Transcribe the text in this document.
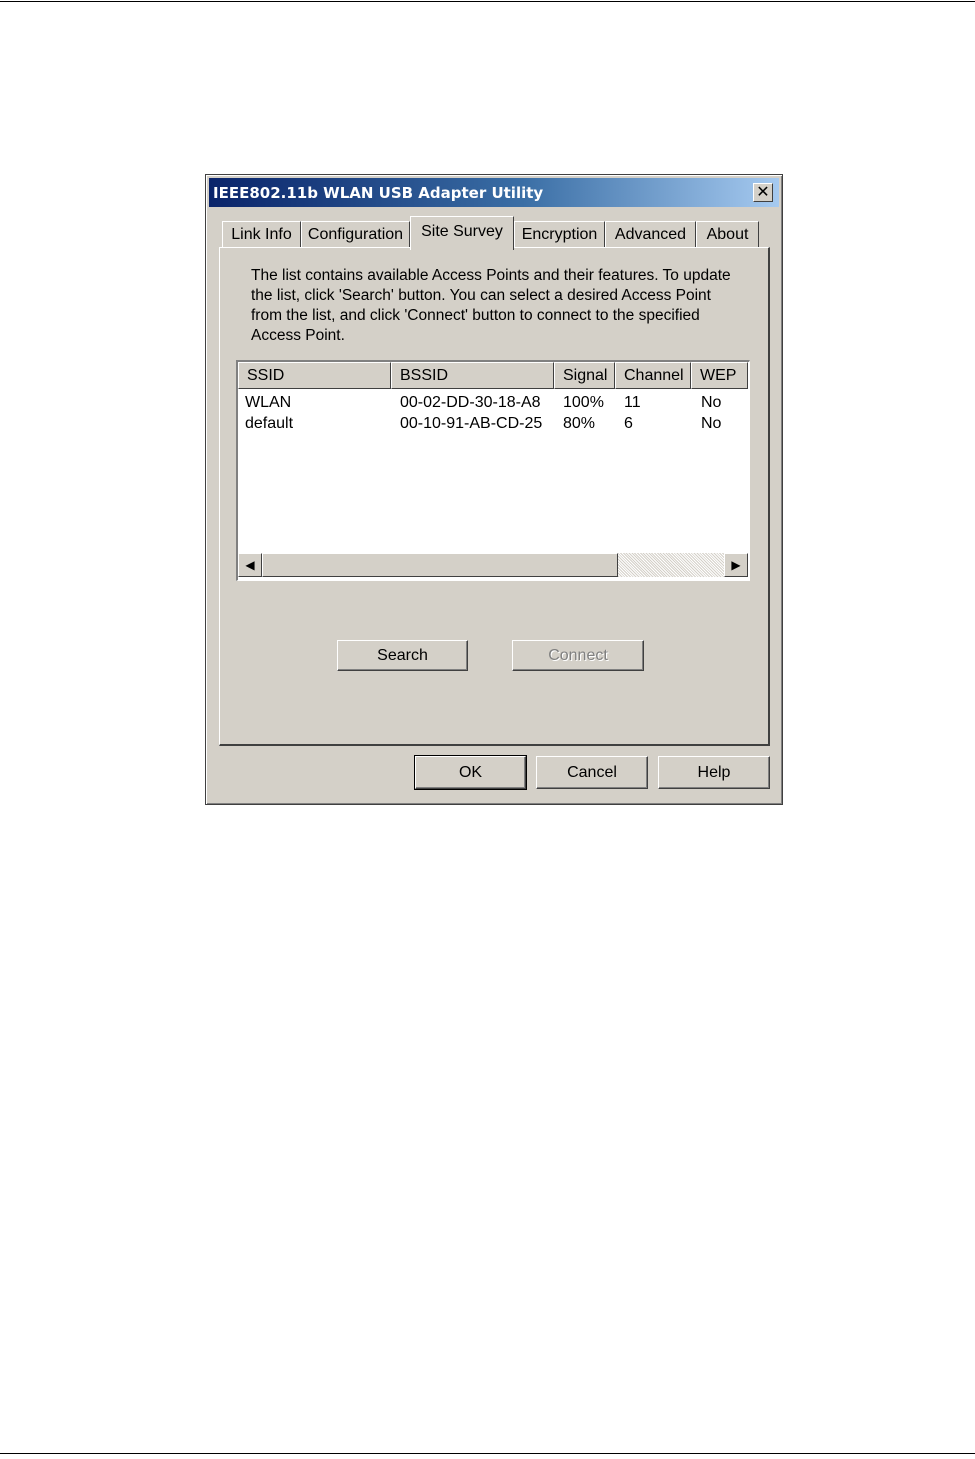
IEEE802.11b WLAN USB Adapter Utility	✕
Link Info	Configuration	Site Survey	Encryption	Advanced	About
The list contains available Access Points and their features. To update the list, click 'Search' button. You can select a desired Access Point from the list, and click 'Connect' button to connect to the specified Access Point.
SSID	BSSID	Signal	Channel	WEP
WLAN	00-02-DD-30-18-A8 100% 11	No
default	00-10-91-AB-CD-25 80% 6	No
◀	▶
Search	Connect
OK	Cancel	Help
